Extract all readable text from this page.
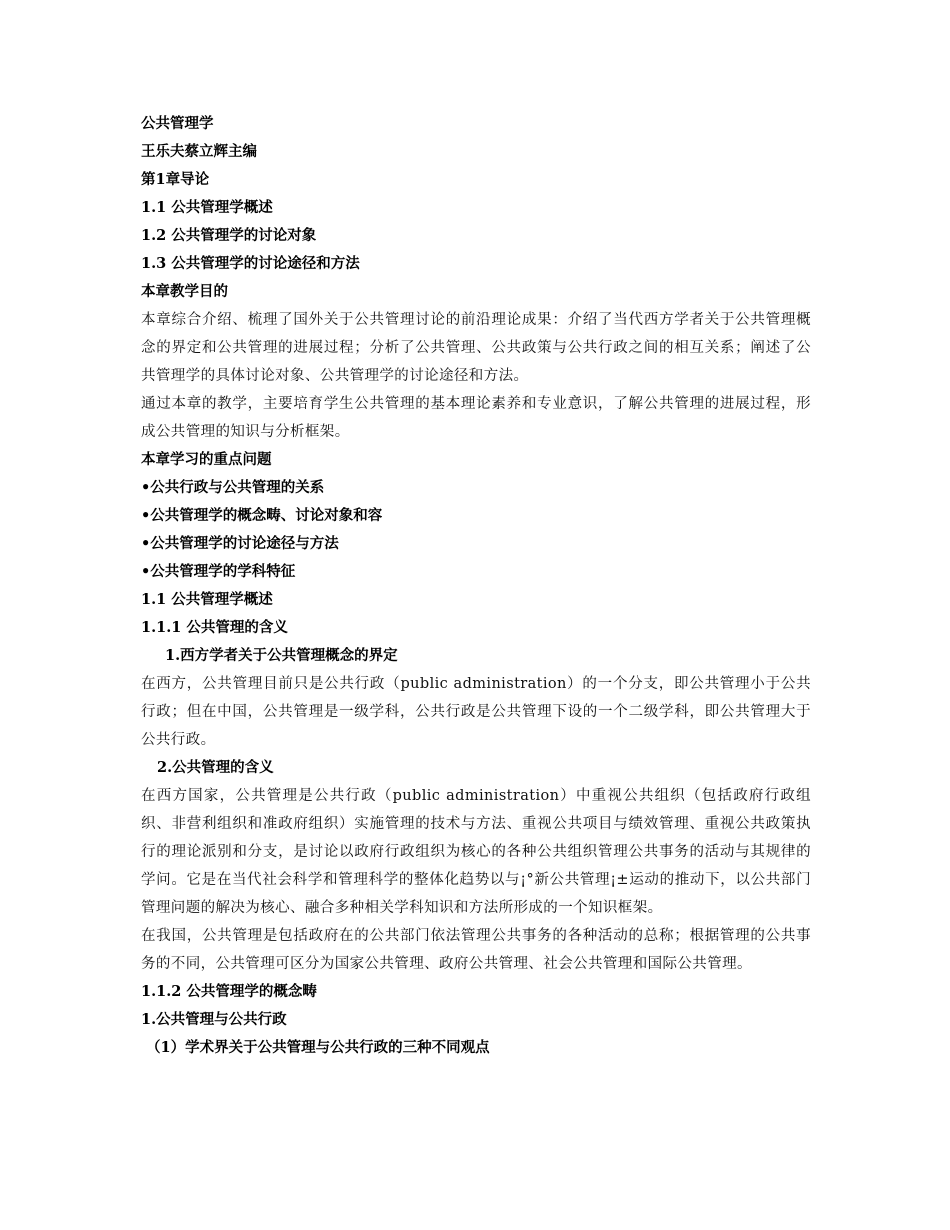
公共管理学
王乐夫蔡立辉主编
第1章导论
1.1 公共管理学概述
1.2 公共管理学的讨论对象
1.3 公共管理学的讨论途径和方法
本章教学目的
本章综合介绍、梳理了国外关于公共管理讨论的前沿理论成果：介绍了当代西方学者关于公共管理概念的界定和公共管理的进展过程；分析了公共管理、公共政策与公共行政之间的相互关系；阐述了公共管理学的具体讨论对象、公共管理学的讨论途径和方法。
通过本章的教学，主要培育学生公共管理的基本理论素养和专业意识，了解公共管理的进展过程，形成公共管理的知识与分析框架。
本章学习的重点问题
•公共行政与公共管理的关系
•公共管理学的概念畴、讨论对象和容
•公共管理学的讨论途径与方法
•公共管理学的学科特征
1.1 公共管理学概述
1.1.1 公共管理的含义
1.西方学者关于公共管理概念的界定
在西方，公共管理目前只是公共行政（public administration）的一个分支，即公共管理小于公共行政；但在中国，公共管理是一级学科，公共行政是公共管理下设的一个二级学科，即公共管理大于公共行政。
2.公共管理的含义
在西方国家，公共管理是公共行政（public administration）中重视公共组织（包括政府行政组织、非营利组织和准政府组织）实施管理的技术与方法、重视公共项目与绩效管理、重视公共政策执行的理论派别和分支，是讨论以政府行政组织为核心的各种公共组织管理公共事务的活动与其规律的学问。它是在当代社会科学和管理科学的整体化趋势以与¡°新公共管理¡±运动的推动下，以公共部门管理问题的解决为核心、融合多种相关学科知识和方法所形成的一个知识框架。
在我国，公共管理是包括政府在的公共部门依法管理公共事务的各种活动的总称；根据管理的公共事务的不同，公共管理可区分为国家公共管理、政府公共管理、社会公共管理和国际公共管理。
1.1.2 公共管理学的概念畴
1.公共管理与公共行政
（1）学术界关于公共管理与公共行政的三种不同观点
